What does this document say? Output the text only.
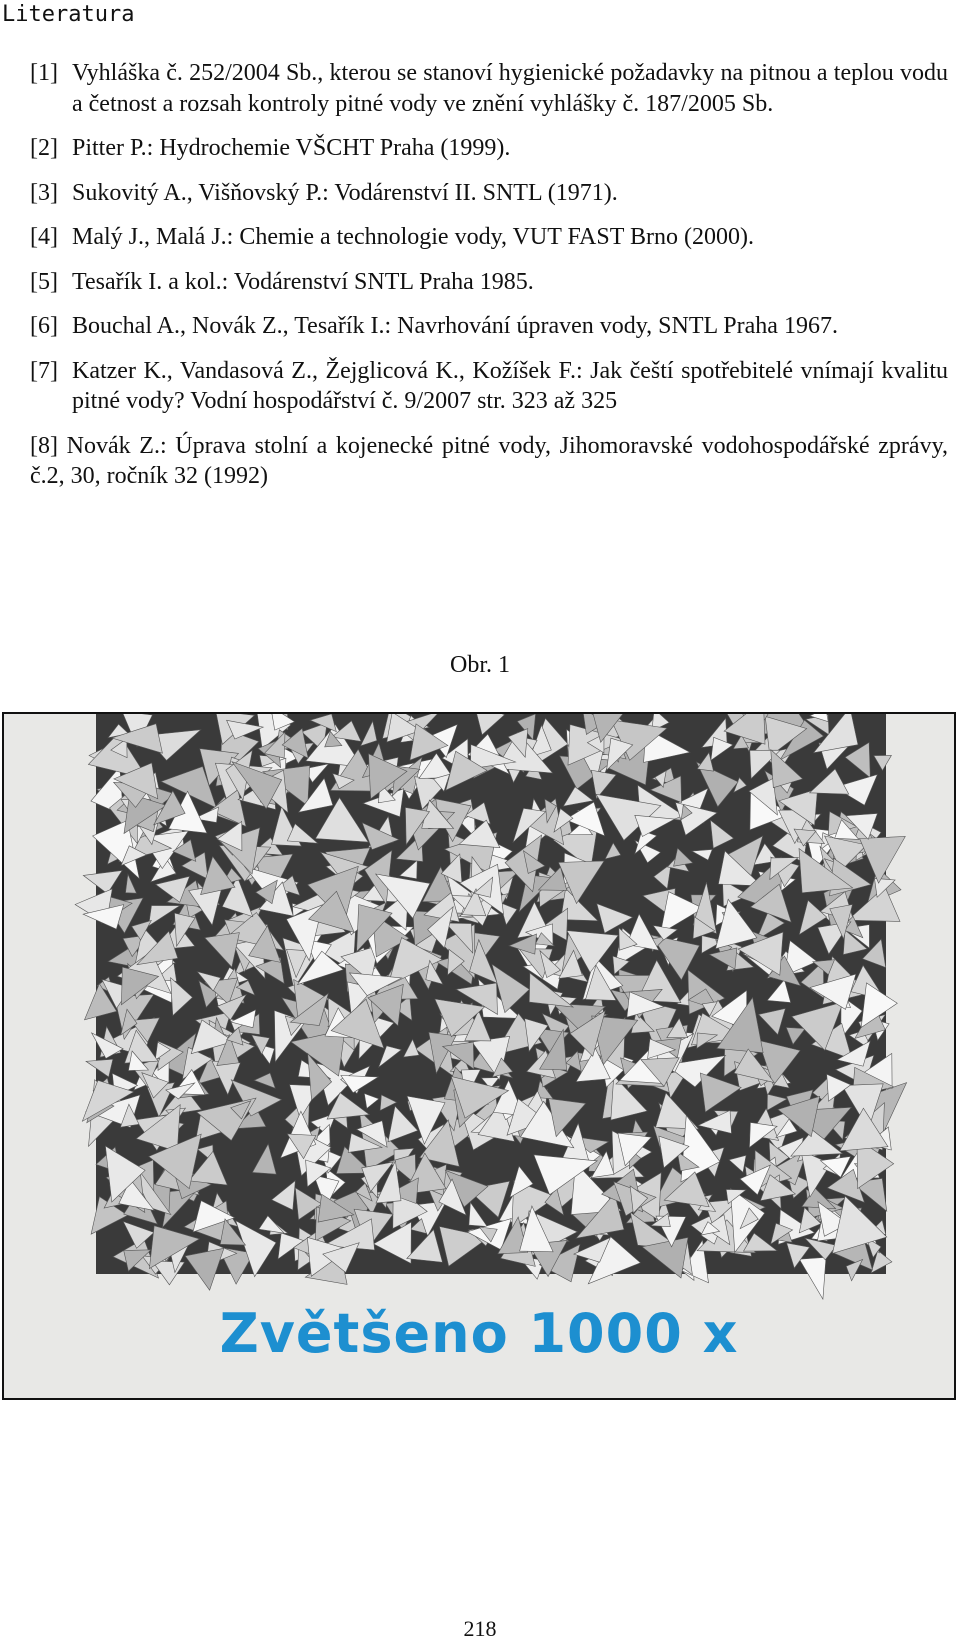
Literatura
[1] Vyhláška č. 252/2004 Sb., kterou se stanoví hygienické požadavky na pitnou a teplou vodu a četnost a rozsah kontroly pitné vody ve znění vyhlášky č. 187/2005 Sb.
[2] Pitter P.: Hydrochemie VŠCHT Praha (1999).
[3] Sukovitý A., Višňovský P.: Vodárenství II. SNTL (1971).
[4] Malý J., Malá J.: Chemie a technologie vody, VUT FAST Brno (2000).
[5] Tesařík I. a kol.: Vodárenství SNTL Praha 1985.
[6] Bouchal A., Novák Z., Tesařík I.: Navrhování úpraven vody, SNTL Praha 1967.
[7] Katzer K., Vandasová Z., Žejglicová K., Kožíšek F.: Jak čeští spotřebitelé vnímají kvalitu pitné vody? Vodní hospodářství č. 9/2007 str. 323 až 325
[8] Novák Z.: Úprava stolní a kojenecké pitné vody, Jihomoravské vodohospodářské zprávy, č.2, 30, ročník 32 (1992)
Obr. 1
Zvětšeno 1000 x
218
